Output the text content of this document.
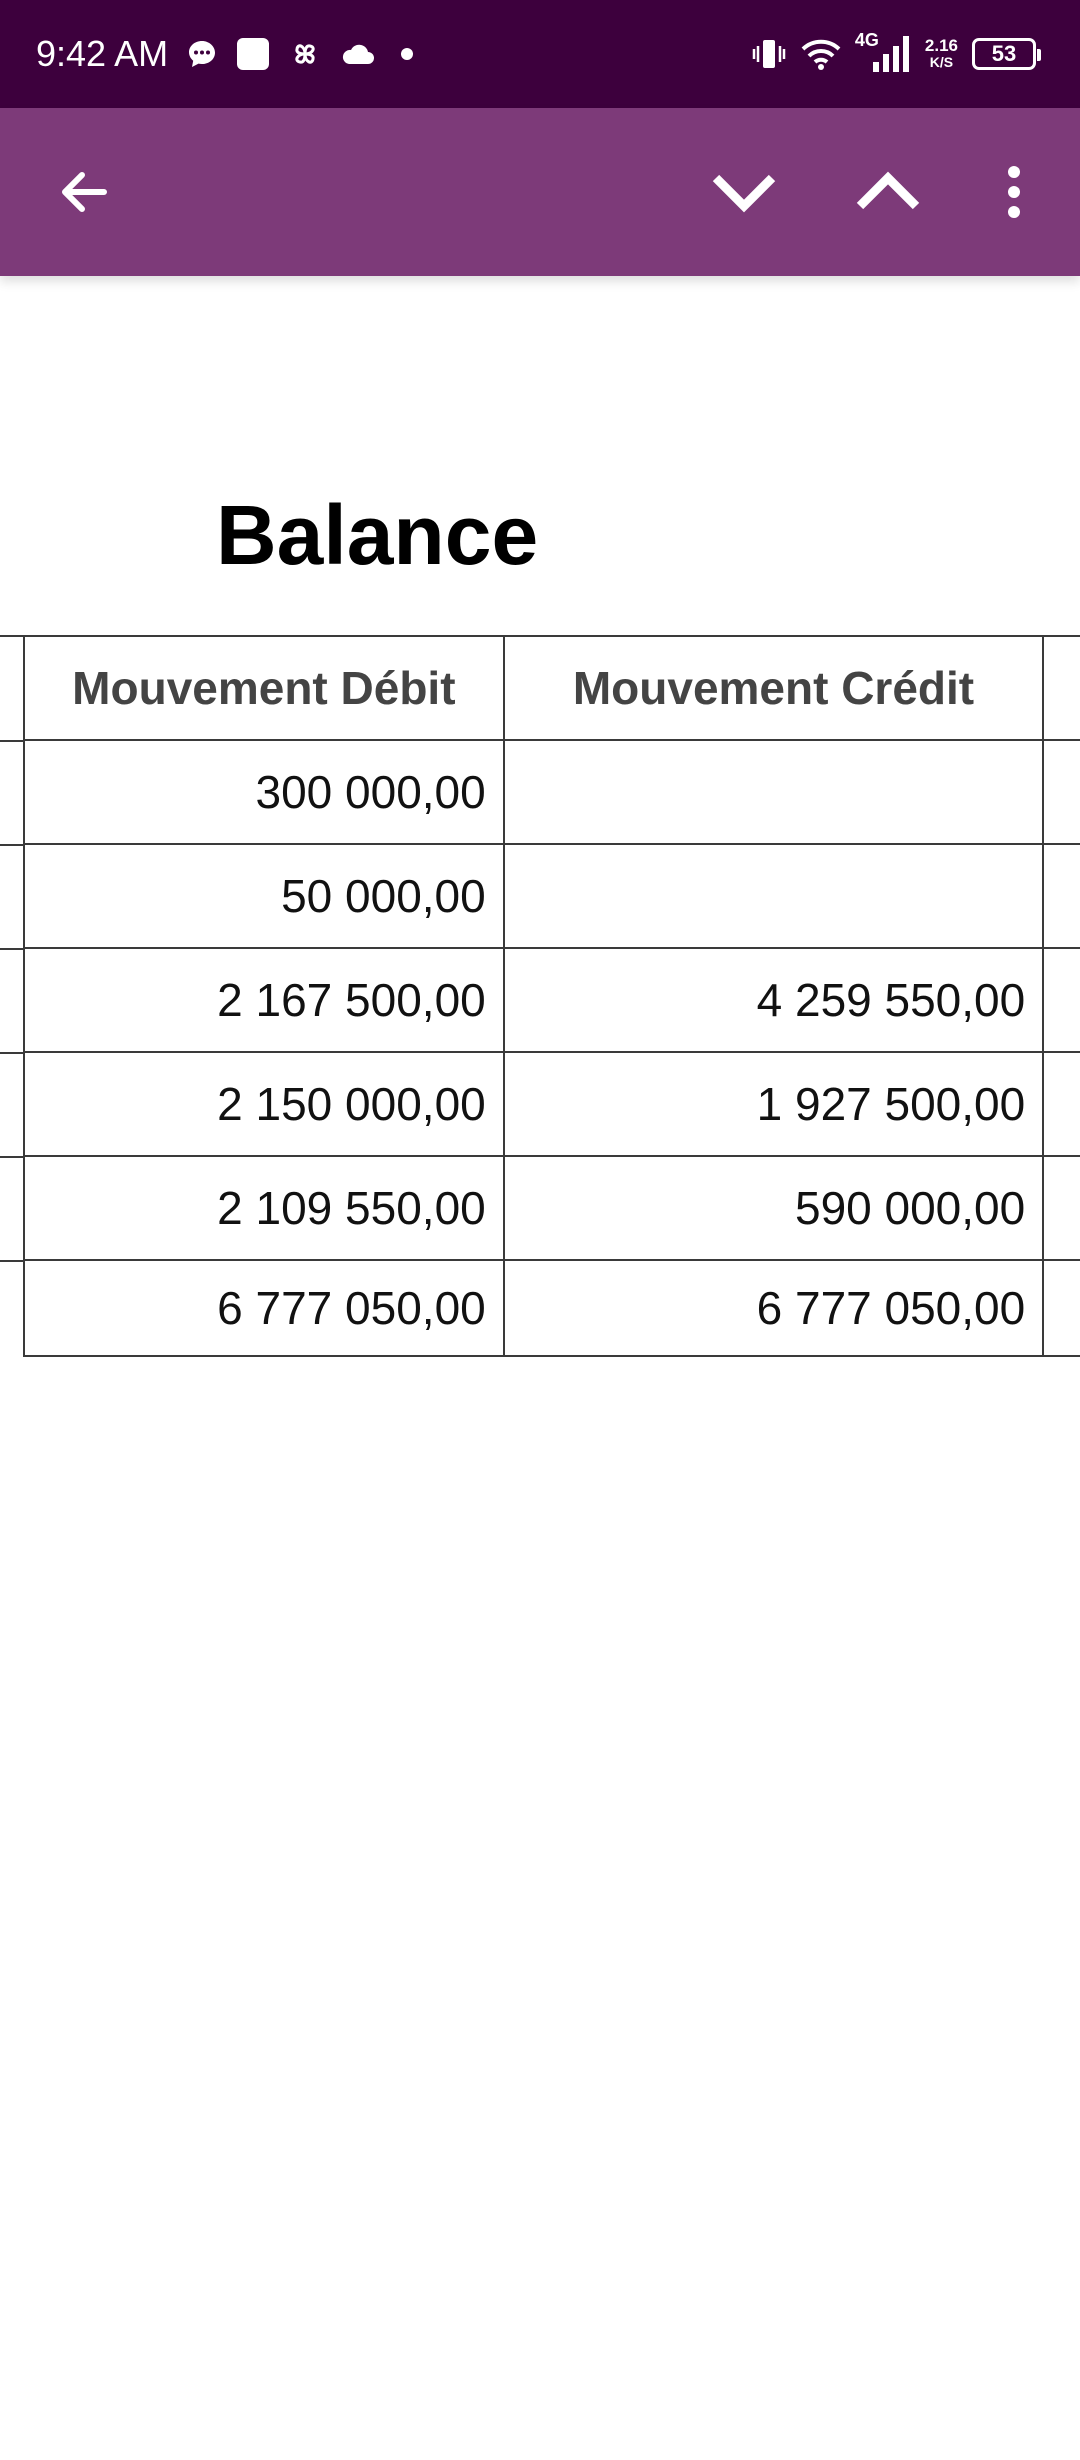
9:42 AM	4G	2.16
K/S 53
Balance
Mouvement Débit	Mouvement Crédit	
300 000,00		
50 000,00		
2 167 500,00	4 259 550,00	
2 150 000,00	1 927 500,00	
2 109 550,00	590 000,00	
6 777 050,00	6 777 050,00	
